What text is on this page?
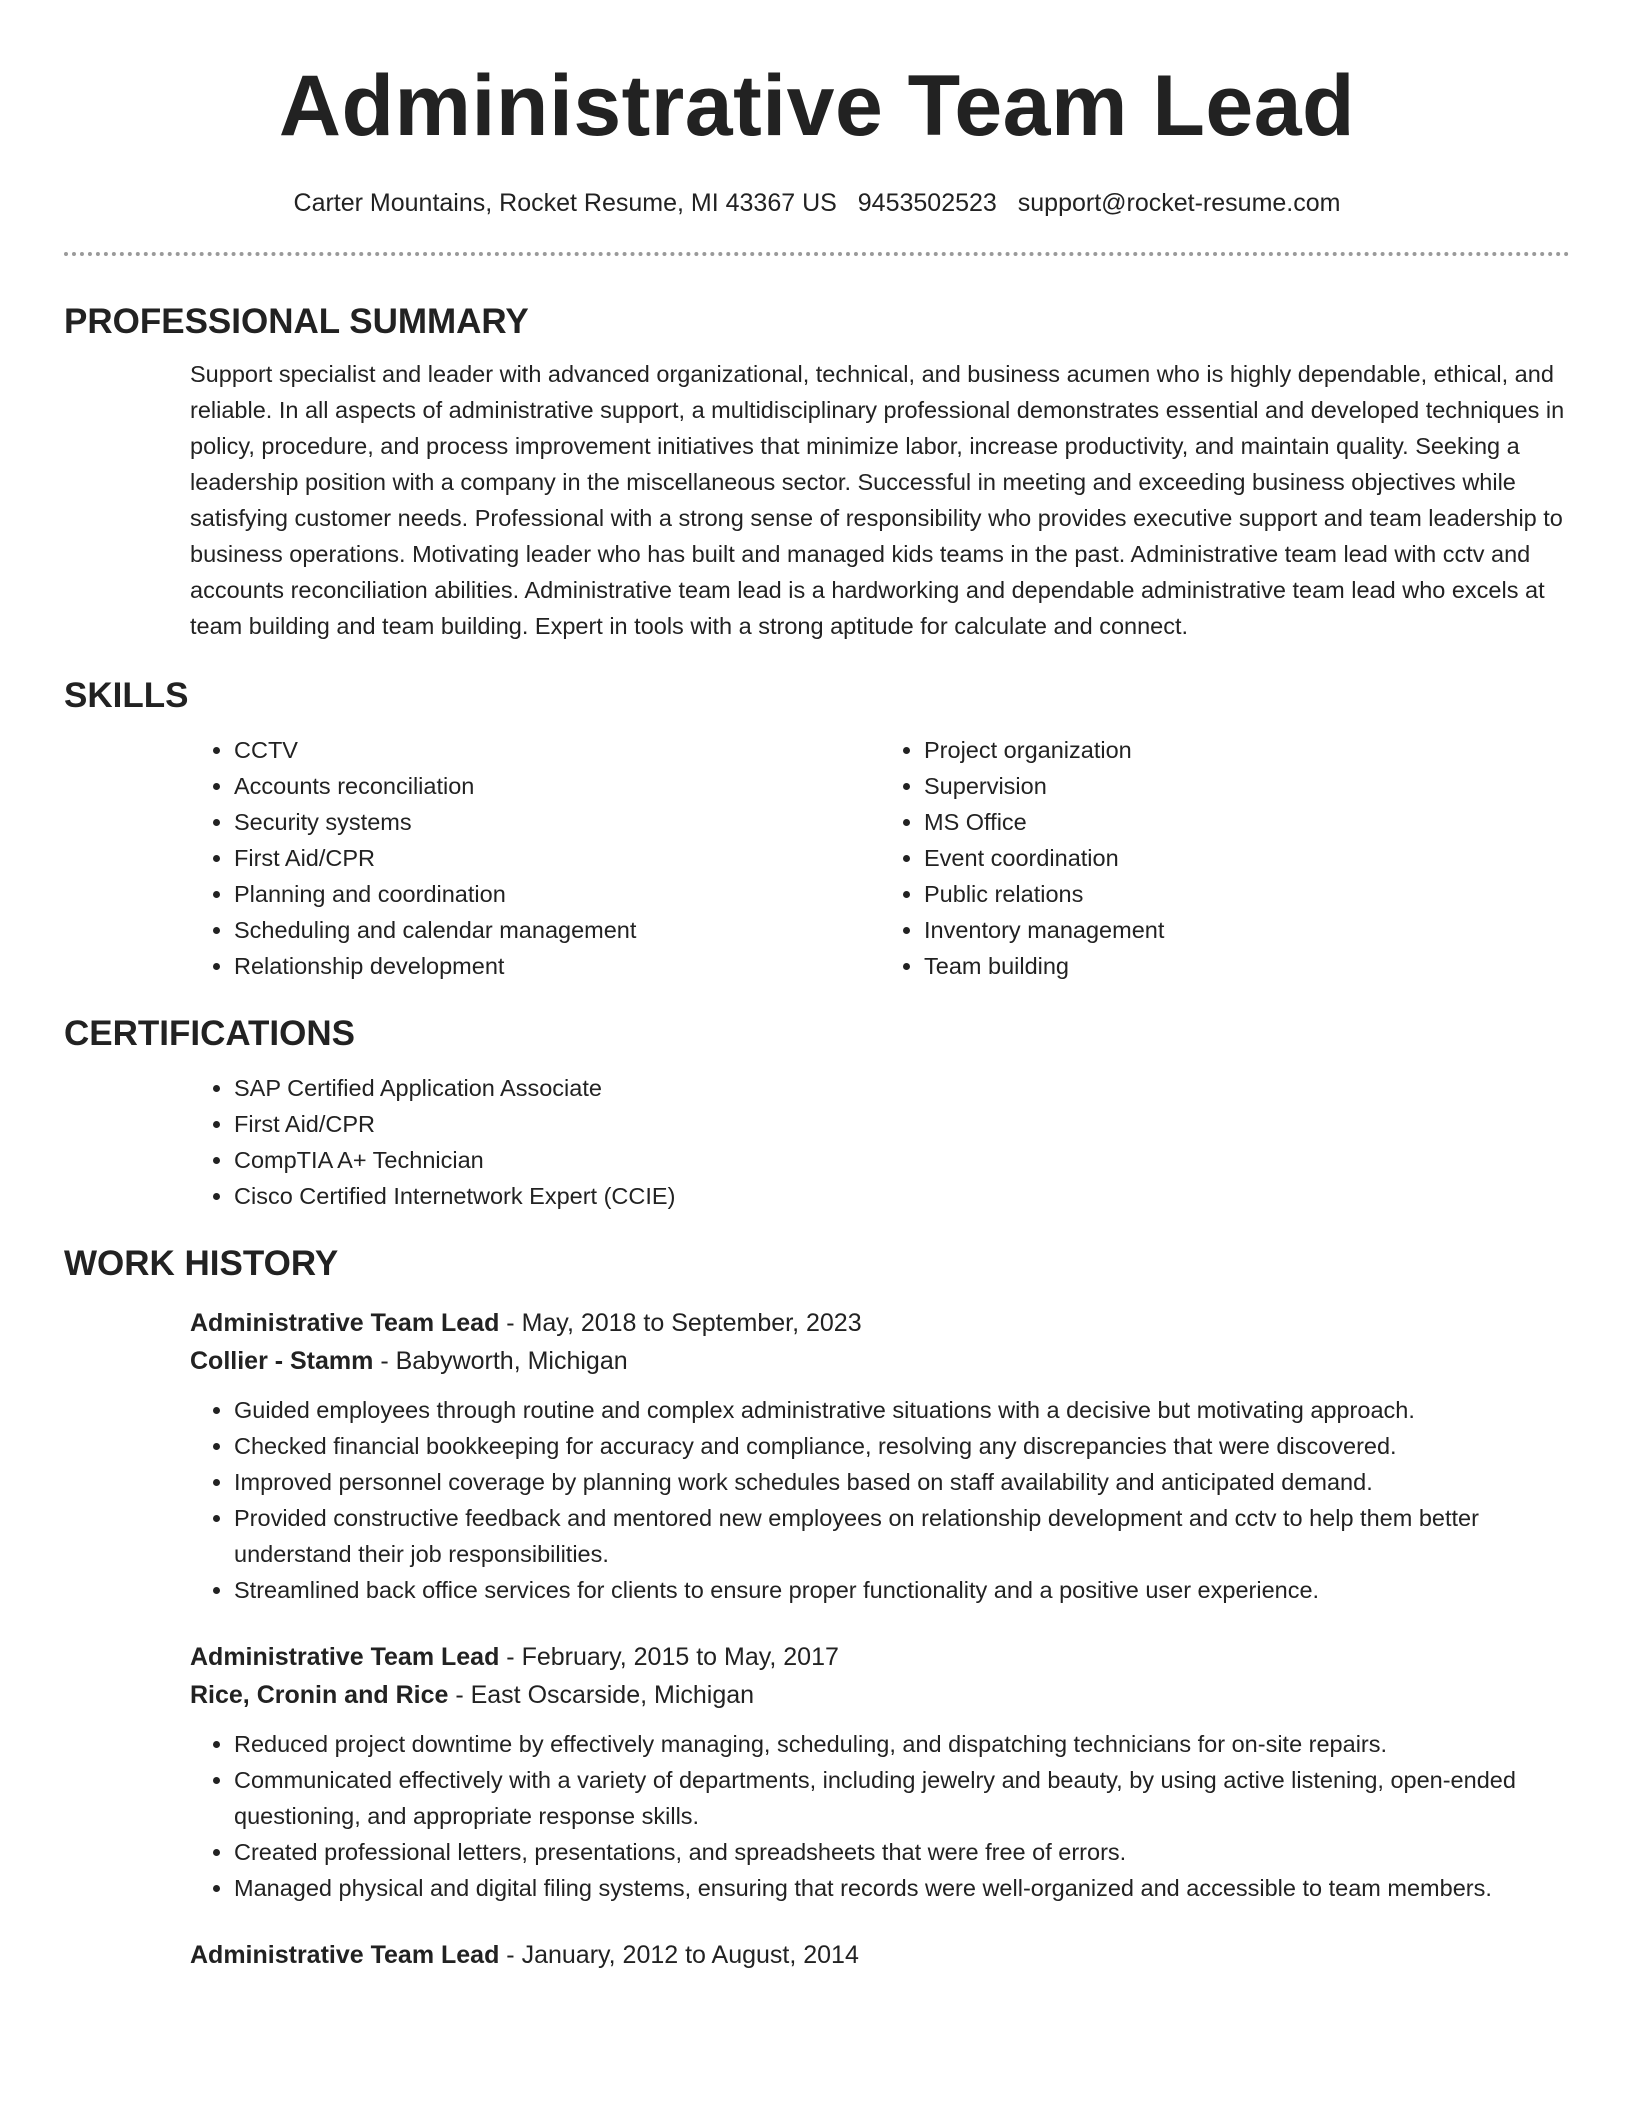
Administrative Team Lead
Carter Mountains, Rocket Resume, MI 43367 US 9453502523 support@rocket-resume.com
PROFESSIONAL SUMMARY

Support specialist and leader with advanced organizational, technical, and business acumen who is highly dependable, ethical, and reliable. In all aspects of administrative support, a multidisciplinary professional demonstrates essential and developed techniques in policy, procedure, and process improvement initiatives that minimize labor, increase productivity, and maintain quality. Seeking a leadership position with a company in the miscellaneous sector. Successful in meeting and exceeding business objectives while satisfying customer needs. Professional with a strong sense of responsibility who provides executive support and team leadership to business operations. Motivating leader who has built and managed kids teams in the past. Administrative team lead with cctv and accounts reconciliation abilities. Administrative team lead is a hardworking and dependable administrative team lead who excels at team building and team building. Expert in tools with a strong aptitude for calculate and connect.

SKILLS
• CCTV
• Accounts reconciliation
• Security systems
• First Aid/CPR
• Planning and coordination
• Scheduling and calendar management
• Relationship development
• Project organization
• Supervision
• MS Office
• Event coordination
• Public relations
• Inventory management
• Team building
CERTIFICATIONS
• SAP Certified Application Associate
• First Aid/CPR
• CompTIA A+ Technician
• Cisco Certified Internetwork Expert (CCIE)
WORK HISTORY
Administrative Team Lead - May, 2018 to September, 2023
Collier - Stamm - Babyworth, Michigan
• Guided employees through routine and complex administrative situations with a decisive but motivating approach.
• Checked financial bookkeeping for accuracy and compliance, resolving any discrepancies that were discovered.
• Improved personnel coverage by planning work schedules based on staff availability and anticipated demand.
• Provided constructive feedback and mentored new employees on relationship development and cctv to help them better understand their job responsibilities.
• Streamlined back office services for clients to ensure proper functionality and a positive user experience.
Administrative Team Lead - February, 2015 to May, 2017
Rice, Cronin and Rice - East Oscarside, Michigan
• Reduced project downtime by effectively managing, scheduling, and dispatching technicians for on-site repairs.
• Communicated effectively with a variety of departments, including jewelry and beauty, by using active listening, open-ended questioning, and appropriate response skills.
• Created professional letters, presentations, and spreadsheets that were free of errors.
• Managed physical and digital filing systems, ensuring that records were well-organized and accessible to team members.
Administrative Team Lead - January, 2012 to August, 2014
